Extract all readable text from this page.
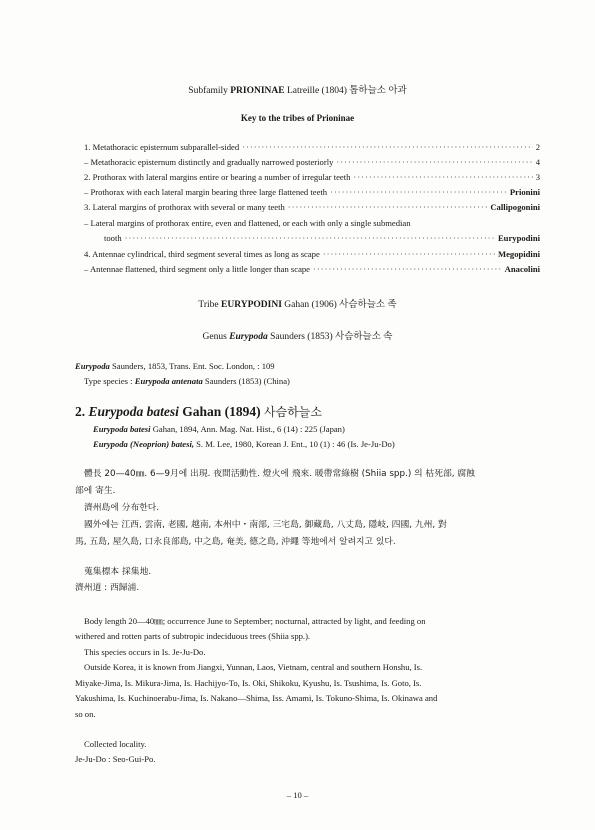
Subfamily PRIONINAE Latreille (1804) 톱하늘소 아과
Key to the tribes of Prioninae
1. Metathoracic episternum subparallel-sided ·····	2
– Metathoracic episternum distinctly and gradually narrowed posteriorly ·····	4
2. Prothorax with lateral margins entire or bearing a number of irregular teeth ·····	3
– Prothorax with each lateral margin bearing three large flattened teeth ·····	Prionini
3. Lateral margins of prothorax with several or many teeth ·····	Callipogonini
– Lateral margins of prothorax entire, even and flattened, or each with only a single submedian
tooth ·····	Eurypodini
4. Antennae cylindrical, third segment several times as long as scape ·····	Megopidini
– Antennae flattened, third segment only a little longer than scape ·····	Anacolini
Tribe EURYPODINI Gahan (1906) 사슴하늘소 족
Genus Eurypoda Saunders (1853) 사슴하늘소 속
Eurypoda Saunders, 1853, Trans. Ent. Soc. London, : 109
Type species : Eurypoda antenata Saunders (1853) (China)
2. Eurypoda batesi Gahan (1894) 사슴하늘소
Eurypoda batesi Gahan, 1894, Ann. Mag. Nat. Hist., 6 (14) : 225 (Japan)
Eurypoda (Neoprion) batesi, S. M. Lee, 1980, Korean J. Ent., 10 (1) : 46 (Is. Je-Ju-Do)
體長 20—40㎜. 6—9月에 出現. 夜間活動性. 燈火에 飛來. 暖帶常綠樹 (Shiia spp.) 의 枯死部, 腐蝕
部에 寄生.
濟州島에 分布한다.
國外에는 江西, 雲南, 老國, 越南, 本州中・南部, 三宅島, 御藏島, 八丈島, 隱岐, 四國, 九州, 對
馬, 五島, 屋久島, 口永良部島, 中之島, 奄美, 德之島, 沖繩 等地에서 알려지고 있다.
蒐集標本 採集地.
濟州道 : 西歸浦.
Body length 20—40㎜; occurrence June to September; nocturnal, attracted by light, and feeding on
withered and rotten parts of subtropic indeciduous trees (Shiia spp.).
This species occurs in Is. Je-Ju-Do.
Outside Korea, it is known from Jiangxi, Yunnan, Laos, Vietnam, central and southern Honshu, Is.
Miyake-Jima, Is. Mikura-Jima, Is. Hachijyo-To, Is. Oki, Shikoku, Kyushu, Is. Tsushima, Is. Goto, Is.
Yakushima, Is. Kuchinoerabu-Jima, Is. Nakano—Shima, Iss. Amami, Is. Tokuno-Shima, Is. Okinawa and
so on.
Collected locality.
Je-Ju-Do : Seo-Gui-Po.
– 10 –
